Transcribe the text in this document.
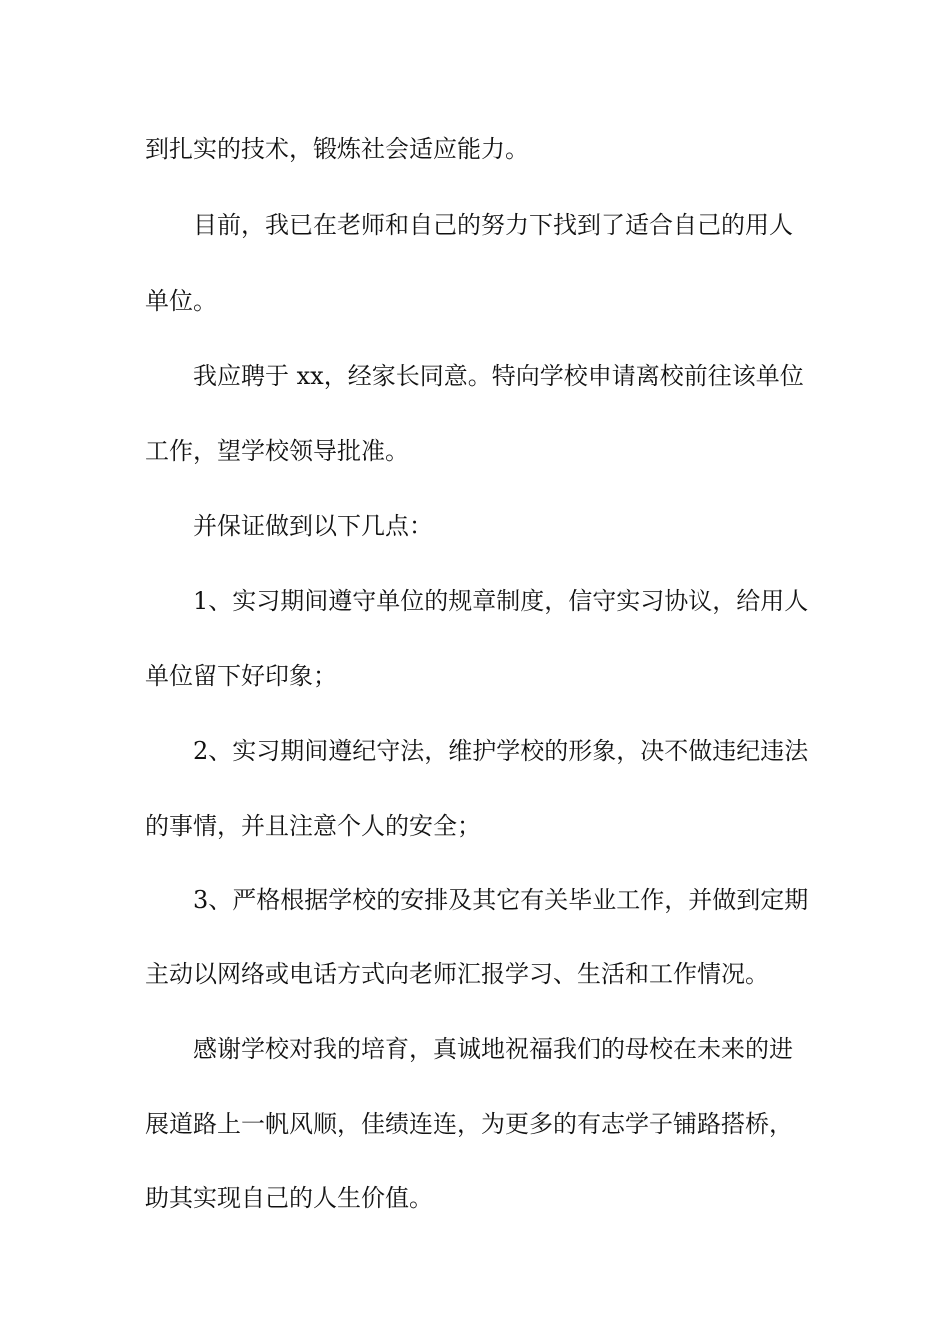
到扎实的技术，锻炼社会适应能力。
目前，我已在老师和自己的努力下找到了适合自己的用人
单位。
我应聘于 xx，经家长同意。特向学校申请离校前往该单位
工作，望学校领导批准。
并保证做到以下几点：
1、实习期间遵守单位的规章制度，信守实习协议，给用人
单位留下好印象；
2、实习期间遵纪守法，维护学校的形象，决不做违纪违法
的事情，并且注意个人的安全；
3、严格根据学校的安排及其它有关毕业工作，并做到定期
主动以网络或电话方式向老师汇报学习、生活和工作情况。
感谢学校对我的培育，真诚地祝福我们的母校在未来的进
展道路上一帆风顺，佳绩连连，为更多的有志学子铺路搭桥，
助其实现自己的人生价值。
